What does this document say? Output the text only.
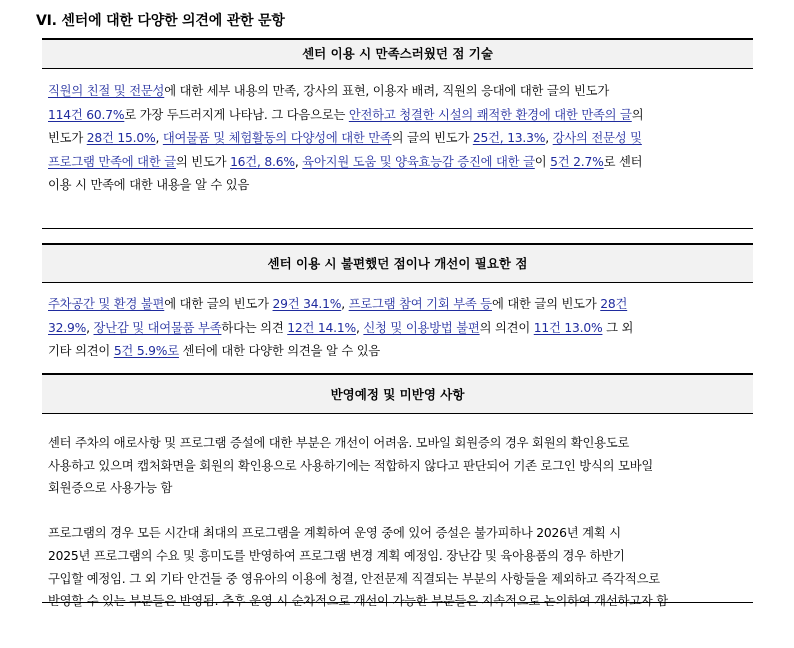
VI. 센터에 대한 다양한 의견에 관한 문항
센터 이용 시 만족스러웠던 점 기술
직원의 친절 및 전문성에 대한 세부 내용의 만족, 강사의 표현, 이용자 배려, 직원의 응대에 대한 글의 빈도가
114건 60.7%로 가장 두드러지게 나타남. 그 다음으로는 안전하고 청결한 시설의 쾌적한 환경에 대한 만족의 글의
빈도가 28건 15.0%, 대여물품 및 체험활동의 다양성에 대한 만족의 글의 빈도가 25건, 13.3%, 강사의 전문성 및
프로그램 만족에 대한 글의 빈도가 16건, 8.6%, 육아지원 도움 및 양육효능감 증진에 대한 글이 5건 2.7%로 센터
이용 시 만족에 대한 내용을 알 수 있음
센터 이용 시 불편했던 점이나 개선이 필요한 점
주차공간 및 환경 불편에 대한 글의 빈도가 29건 34.1%, 프로그램 참여 기회 부족 등에 대한 글의 빈도가 28건
32.9%, 장난감 및 대여물품 부족하다는 의견 12건 14.1%, 신청 및 이용방법 불편의 의견이 11건 13.0% 그 외
기타 의견이 5건 5.9%로 센터에 대한 다양한 의견을 알 수 있음
반영예정 및 미반영 사항
센터 주차의 애로사항 및 프로그램 증설에 대한 부분은 개선이 어려움. 모바일 회원증의 경우 회원의 확인용도로
사용하고 있으며 캡처화면을 회원의 확인용으로 사용하기에는 적합하지 않다고 판단되어 기존 로그인 방식의 모바일
회원증으로 사용가능 함

프로그램의 경우 모든 시간대 최대의 프로그램을 계획하여 운영 중에 있어 증설은 불가피하나 2026년 계획 시
2025년 프로그램의 수요 및 흥미도를 반영하여 프로그램 변경 계획 예정임. 장난감 및 육아용품의 경우 하반기
구입할 예정임. 그 외 기타 안건들 중 영유아의 이용에 청결, 안전문제 직결되는 부분의 사항들을 제외하고 즉각적으로
반영할 수 있는 부분들은 반영됨. 추후 운영 시 순차적으로 개선이 가능한 부분들은 지속적으로 논의하여 개선하고자 함
